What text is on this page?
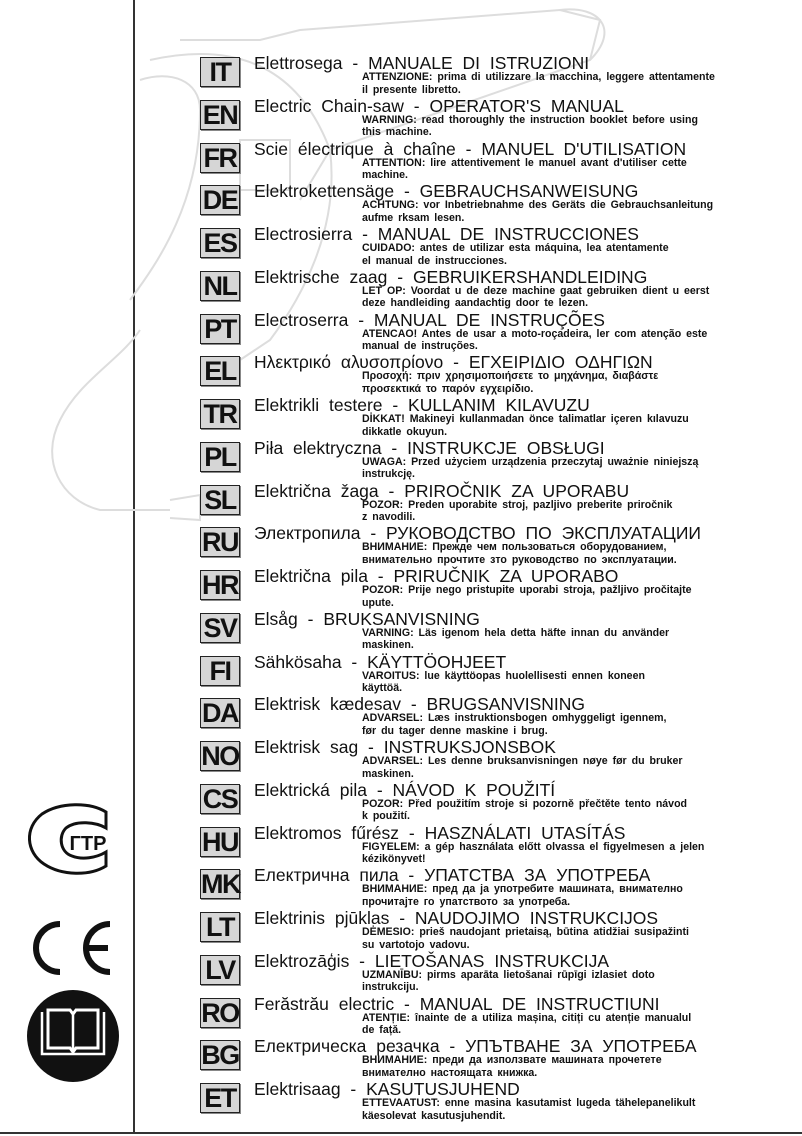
IT	Elettrosega - MANUALE DI ISTRUZIONI
ATTENZIONE: prima di utilizzare la macchina, leggere attentamente
il presente libretto.
EN Electric Chain-saw - OPERATOR'S MANUAL
WARNING: read thoroughly the instruction booklet before using
this machine.
FR Scie électrique à chaîne - MANUEL D'UTILISATION
ATTENTION: lire attentivement le manuel avant d'utiliser cette
machine.
DE Elektrokettensäge - GEBRAUCHSANWEISUNG
ACHTUNG: vor Inbetriebnahme des Geräts die Gebrauchsanleitung
aufme rksam lesen.
ES Electrosierra - MANUAL DE INSTRUCCIONES
CUIDADO: antes de utilizar esta máquina, lea atentamente
el manual de instrucciones.
NL Elektrische zaag - GEBRUIKERSHANDLEIDING
LET OP: Voordat u de deze machine gaat gebruiken dient u eerst
deze handleiding aandachtig door te lezen.
PT Electroserra - MANUAL DE INSTRUÇÕES
ATENCAO! Antes de usar a moto-roçadeira, ler com atenção este
manual de instruções.
EL Ηλεκτρικό αλυσοπρίονο - ΕΓΧΕΙΡΙΔΙΟ ΟΔΗΓΙΩΝ
Προσοχή: πριν χρησιμοποιήσετε το μηχάνημα, διαβάστε
προσεκτικά το παρόν εγχειρίδιο.
TR Elektrikli testere - KULLANIM KILAVUZU
DİKKAT! Makineyi kullanmadan önce talimatlar içeren kılavuzu
dikkatle okuyun.
PL Piła elektryczna - INSTRUKCJE OBSŁUGI
UWAGA: Przed użyciem urządzenia przeczytaj uważnie niniejszą
instrukcję.
SL Električna žaga - PRIROČNIK ZA UPORABU
POZOR: Preden uporabite stroj, pazljivo preberite priročnik
z navodili.
RU Электропила - РУКОВОДСТВО ПО ЭКСПЛУАТАЦИИ
ВНИМАНИЕ: Прежде чем пользоваться оборудованием,
внимательно прочтите зто руководство по эксплуатации.
HR Električna pila - PRIRUČNIK ZA UPORABO
POZOR: Prije nego pristupite uporabi stroja, pažljivo pročitajte
upute.
SV Elsåg - BRUKSANVISNING
VARNING: Läs igenom hela detta häfte innan du använder
maskinen.
FI	Sähkösaha - KÄYTTÖOHJEET
VAROITUS: lue käyttöopas huolellisesti ennen koneen
käyttöä.
DA Elektrisk kædesav - BRUGSANVISNING
ADVARSEL: Læs instruktionsbogen omhyggeligt igennem,
før du tager denne maskine i brug.
NO Elektrisk sag - INSTRUKSJONSBOK
ADVARSEL: Les denne bruksanvisningen nøye før du bruker
maskinen.
CS Elektrická pila - NÁVOD K POUŽITÍ
POZOR: Před použitím stroje si pozorně přečtěte tento návod
k použití.
HU Elektromos fűrész - HASZNÁLATI UTASÍTÁS
FIGYELEM: a gép használata előtt olvassa el figyelmesen a jelen
kézikönyvet!
MK Електрична пила - УПАТСТВА ЗА УПОТРЕБА
ВНИМАНИЕ: пред да ја употребите машината, внимателно
прочитајте го упатството за употреба.
LT	Elektrinis pjūklas - NAUDOJIMO INSTRUKCIJOS
DĖMESIO: prieš naudojant prietaisą, būtina atidžiai susipažinti
su vartotojo vadovu.
LV	Elektrozāģis - LIETOŠANAS INSTRUKCIJA
UZMANĪBU: pirms aparāta lietošanai rūpīgi izlasiet doto
instrukciju.
RO Ferăstrău electric - MANUAL DE INSTRUCTIUNI
ATENȚIE: înainte de a utiliza mașina, citiți cu atenție manualul
de față.
BG Електрическа резачка - УПЪТВАНЕ ЗА УПОТРЕБА
ВНИМАНИЕ: преди да използвате машината прочетете
внимателно настоящата книжка.
ET Elektrisaag - KASUTUSJUHEND
ETTEVAATUST: enne masina kasutamist lugeda tähelepanelikult
käesolevat kasutusjuhendit.
ГТР
